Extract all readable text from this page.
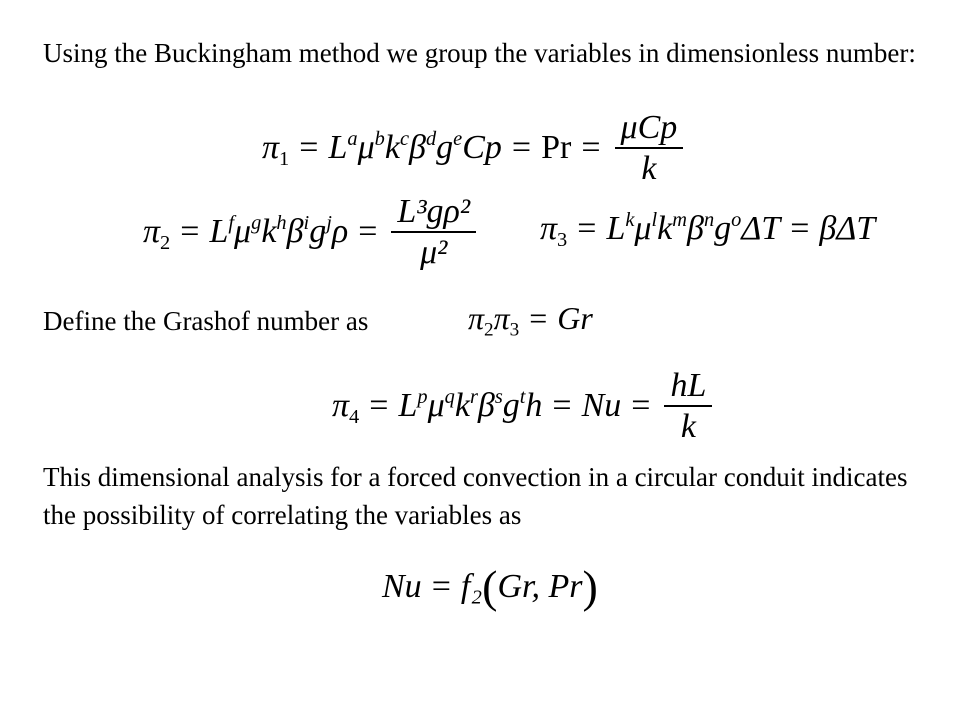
Using the Buckingham method we group the variables in dimensionless number:

$\pi_1 = L^a\mu^bk^c\beta^dg^eCp = Pr = \frac{\text{μCp}}{k}$
$\pi_2 = L^f\mu^gk^h\beta^ig^j\rho = \frac{\text{L³gρ²}}{\text{μ²}} \pi_3 = L^k\mu^lk^m\beta^ng^o\Delta T = \beta\Delta T$

Define the Grashof number as	$\pi_2\pi_3 = Gr$
$\pi_4 = L^p\mu^qk^r\beta^sg^th = Nu = \frac{hL}{k}$

This dimensional analysis for a forced convection in a circular conduit indicates the possibility of correlating the variables as

Nu = f₂ ( Gr, Pr )
